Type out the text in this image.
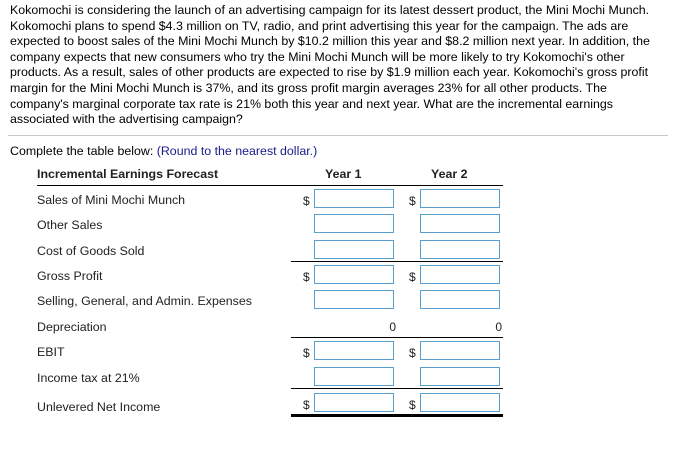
Kokomochi is considering the launch of an advertising campaign for its latest dessert product, the Mini Mochi Munch. Kokomochi plans to spend $4.3 million on TV, radio, and print advertising this year for the campaign. The ads are expected to boost sales of the Mini Mochi Munch by $10.2 million this year and $8.2 million next year. In addition, the company expects that new consumers who try the Mini Mochi Munch will be more likely to try Kokomochi's other products. As a result, sales of other products are expected to rise by $1.9 million each year. Kokomochi's gross profit margin for the Mini Mochi Munch is 37%, and its gross profit margin averages 23% for all other products. The company's marginal corporate tax rate is 21% both this year and next year. What are the incremental earnings associated with the advertising campaign?

Complete the table below: (Round to the nearest dollar.)
Incremental Earnings Forecast	Year 1	Year 2
Sales of Mini Mochi Munch	$	$
Other Sales
Cost of Goods Sold
Gross Profit	$	$
Selling, General, and Admin. Expenses
Depreciation	0	0
EBIT	$	$
Income tax at 21%
Unlevered Net Income	$	$
